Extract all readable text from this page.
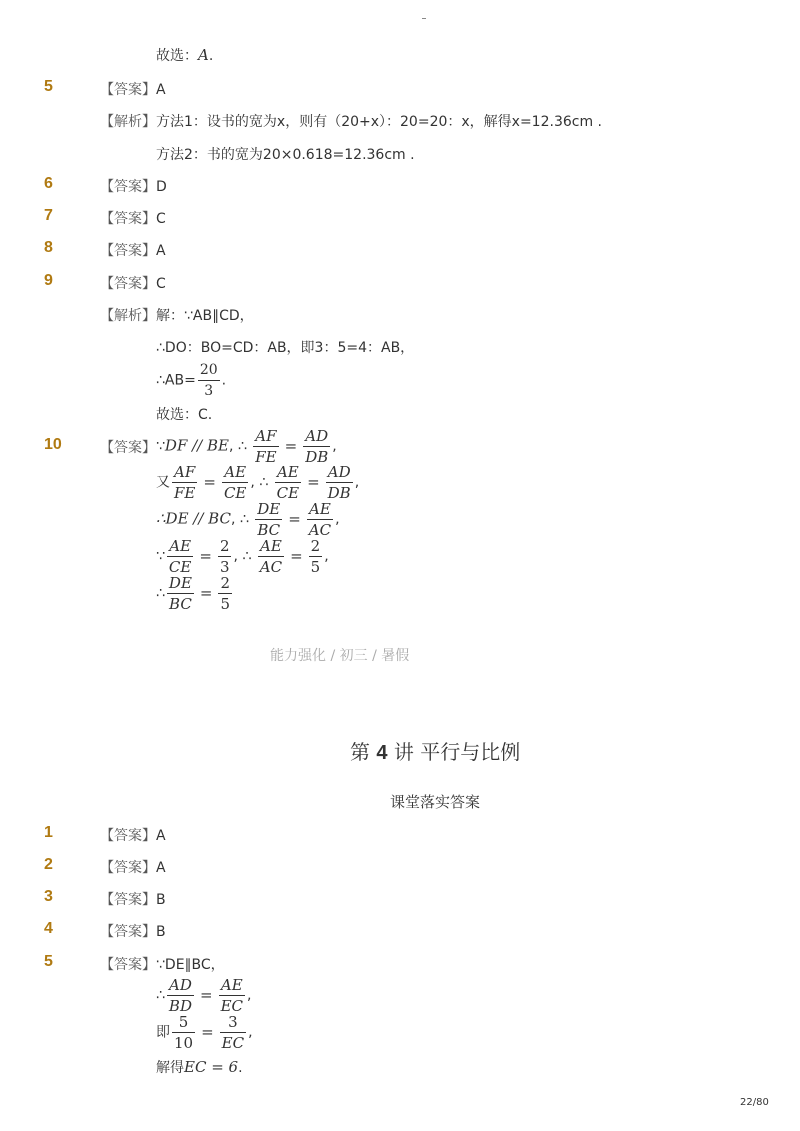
故选：A.
5	【答案】A
【解析】 方法1：设书的宽为x，则有（20+x）：20=20：x，解得x=12.36cm .
方法2：书的宽为20×0.618=12.36cm .
6	【答案】D
7	【答案】C
8	【答案】A
9	【答案】C
【解析】 解：∵AB∥CD，
∴DO：BO=CD：AB，即3：5=4：AB，
∴AB= $\frac{20}{3}$ .
故选：C.
10	【答案】 ∵DF // BE, ∴ $\frac{AF}{FE} = \frac{AD}{DB}$ ,
又 $\frac{AF}{FE} = \frac{AE}{CE}$ , ∴ $\frac{AE}{CE} = \frac{AD}{DB}$ ,
∴DE // BC, ∴ $\frac{DE}{BC} = \frac{AE}{AC}$ ,
∵ $\frac{AE}{CE} = \frac{2}{3}$ , ∴ $\frac{AE}{AC} = \frac{2}{5}$ ,
∴ $\frac{DE}{BC} = \frac{2}{5}$
能力强化 / 初三 / 暑假
第 4 讲 平行与比例
课堂落实答案
1	【答案】A
2	【答案】A
3	【答案】B
4	【答案】B
5	【答案】∵DE∥BC，
∴ $\frac{AD}{BD} = \frac{AE}{EC}$ ,
即 $\frac{5}{10} = \frac{3}{EC}$ ,
解得EC = 6.
22/80
